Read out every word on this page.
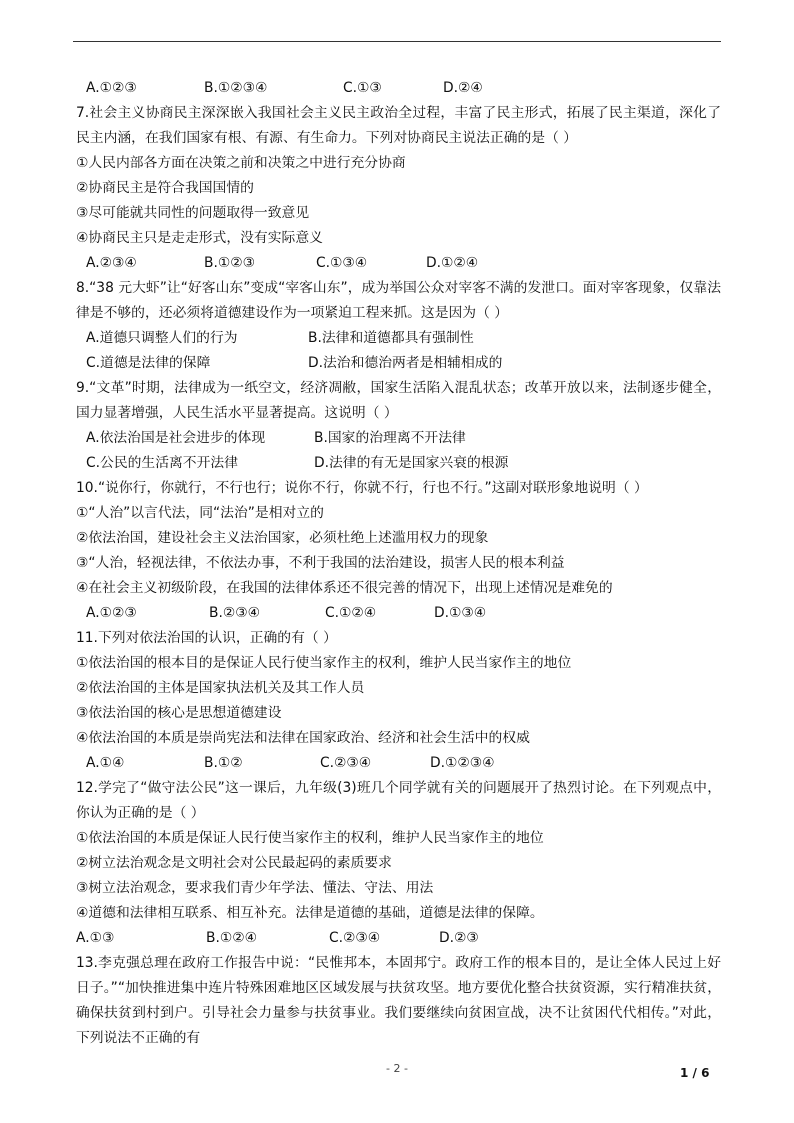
A.①②③	B.①②③④	C.①③	D.②④
7.社会主义协商民主深深嵌入我国社会主义民主政治全过程，丰富了民主形式，拓展了民主渠道，深化了民主内涵，在我们国家有根、有源、有生命力。下列对协商民主说法正确的是（ ）
①人民内部各方面在决策之前和决策之中进行充分协商
②协商民主是符合我国国情的
③尽可能就共同性的问题取得一致意见
④协商民主只是走走形式，没有实际意义
A.②③④	B.①②③	C.①③④	D.①②④
8.“38 元大虾”让“好客山东”变成“宰客山东”，成为举国公众对宰客不满的发泄口。面对宰客现象，仅靠法律是不够的，还必须将道德建设作为一项紧迫工程来抓。这是因为（ ）
A.道德只调整人们的行为	B.法律和道德都具有强制性
C.道德是法律的保障	D.法治和德治两者是相辅相成的
9.“文革”时期，法律成为一纸空文，经济凋敝，国家生活陷入混乱状态；改革开放以来，法制逐步健全，国力显著增强，人民生活水平显著提高。这说明（ ）
A.依法治国是社会进步的体现	B.国家的治理离不开法律
C.公民的生活离不开法律	D.法律的有无是国家兴衰的根源
10.“说你行，你就行，不行也行；说你不行，你就不行，行也不行。”这副对联形象地说明（ ）
①“人治”以言代法，同“法治”是相对立的
②依法治国，建设社会主义法治国家，必须杜绝上述滥用权力的现象
③“人治，轻视法律，不依法办事，不利于我国的法治建设，损害人民的根本利益
④在社会主义初级阶段，在我国的法律体系还不很完善的情况下，出现上述情况是难免的
A.①②③	B.②③④	C.①②④	D.①③④
11.下列对依法治国的认识，正确的有（ ）
①依法治国的根本目的是保证人民行使当家作主的权利，维护人民当家作主的地位
②依法治国的主体是国家执法机关及其工作人员
③依法治国的核心是思想道德建设
④依法治国的本质是崇尚宪法和法律在国家政治、经济和社会生活中的权威
A.①④	B.①②	C.②③④	D.①②③④
12.学完了“做守法公民”这一课后，九年级(3)班几个同学就有关的问题展开了热烈讨论。在下列观点中，你认为正确的是（ ）
①依法治国的本质是保证人民行使当家作主的权利，维护人民当家作主的地位
②树立法治观念是文明社会对公民最起码的素质要求
③树立法治观念，要求我们青少年学法、懂法、守法、用法
④道德和法律相互联系、相互补充。法律是道德的基础，道德是法律的保障。
A.①③	B.①②④	C.②③④	D.②③
13.李克强总理在政府工作报告中说：“民惟邦本，本固邦宁。政府工作的根本目的，是让全体人民过上好日子。”“加快推进集中连片特殊困难地区区域发展与扶贫攻坚。地方要优化整合扶贫资源，实行精准扶贫，确保扶贫到村到户。引导社会力量参与扶贫事业。我们要继续向贫困宣战，决不让贫困代代相传。”对此，下列说法不正确的有
- 2 -	1 / 6
